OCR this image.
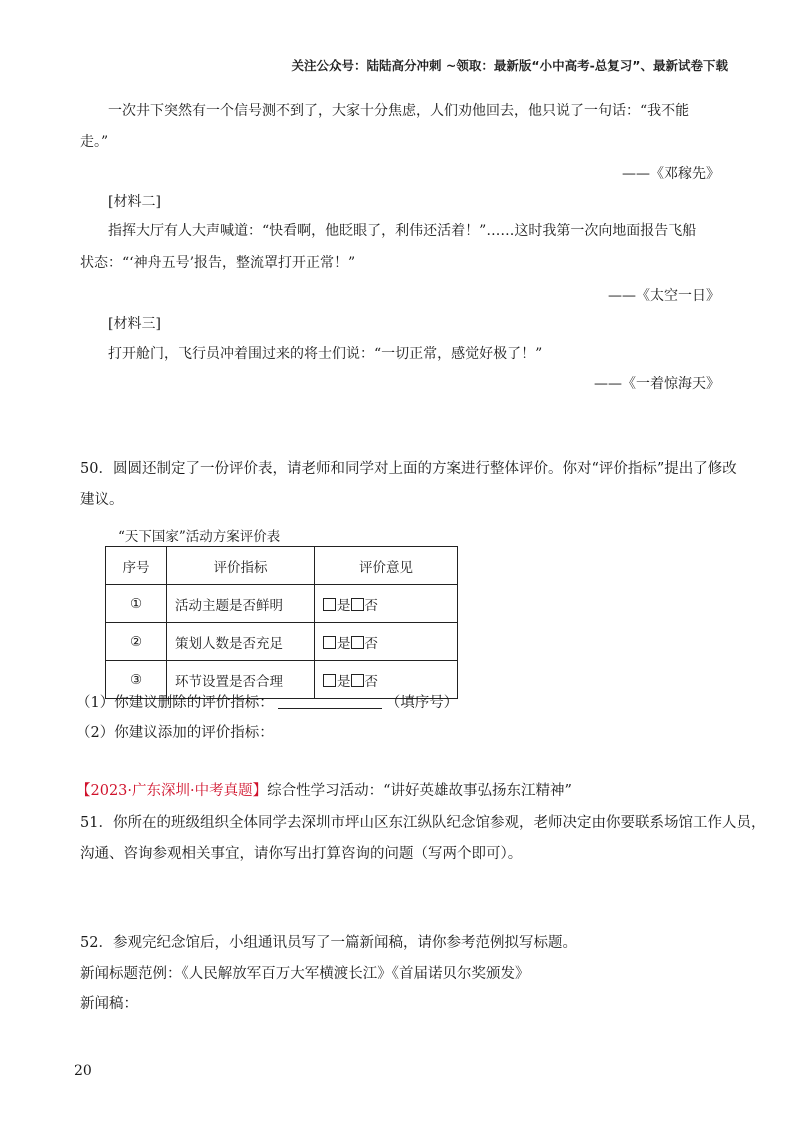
关注公众号：陆陆高分冲刺 ~领取：最新版“小中高考-总复习”、最新试卷下载
一次井下突然有一个信号测不到了，大家十分焦虑，人们劝他回去，他只说了一句话：“我不能
走。”
——《邓稼先》
[材料二]
指挥大厅有人大声喊道：“快看啊，他眨眼了，利伟还活着！”……这时我第一次向地面报告飞船
状态：“‘神舟五号’报告，整流罩打开正常！”
——《太空一日》
[材料三]
打开舱门，飞行员冲着围过来的将士们说：“一切正常，感觉好极了！”
——《一着惊海天》
50．圆圆还制定了一份评价表，请老师和同学对上面的方案进行整体评价。你对“评价指标”提出了修改
建议。
“天下国家”活动方案评价表
序号	评价指标	评价意见
①	活动主题是否鲜明	是 否
②	策划人数是否充足	是 否
③	环节设置是否合理	是 否
（1）你建议删除的评价指标：	（填序号）
（2）你建议添加的评价指标：
【2023·广东深圳·中考真题】综合性学习活动：“讲好英雄故事弘扬东江精神”
51．你所在的班级组织全体同学去深圳市坪山区东江纵队纪念馆参观，老师决定由你要联系场馆工作人员，
沟通、咨询参观相关事宜，请你写出打算咨询的问题（写两个即可）。
52．参观完纪念馆后，小组通讯员写了一篇新闻稿，请你参考范例拟写标题。
新闻标题范例：《人民解放军百万大军横渡长江》《首届诺贝尔奖颁发》
新闻稿：
20
